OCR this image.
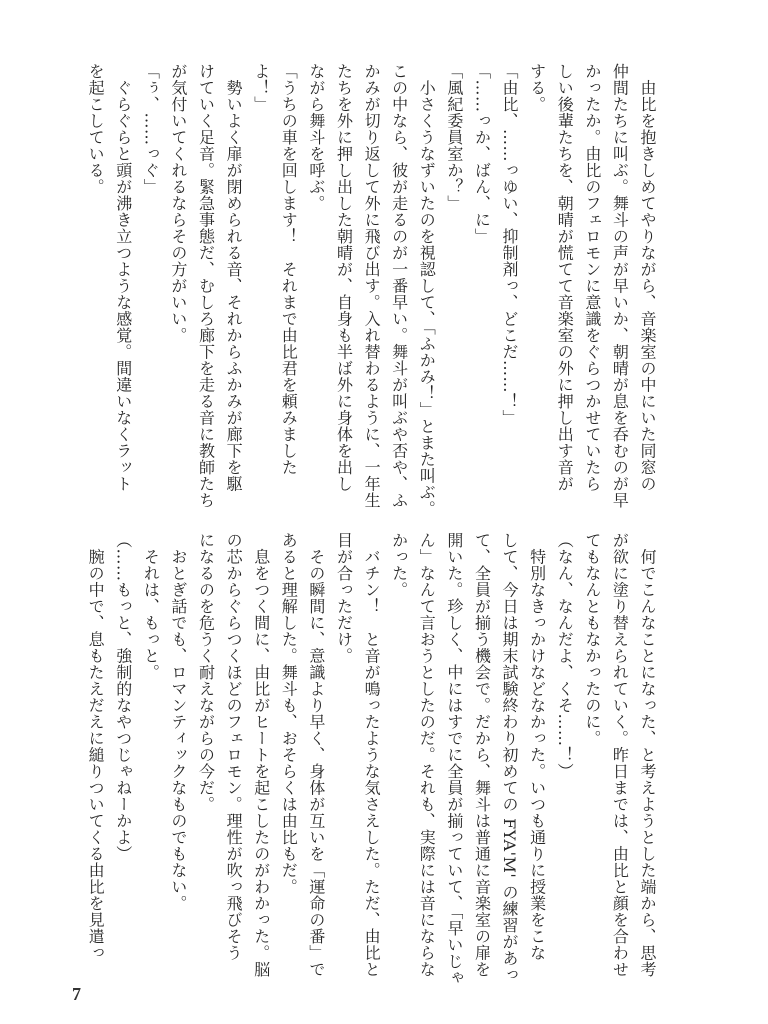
　由比を抱きしめてやりながら、音楽室の中にいた同窓の
仲間たちに叫ぶ。舞斗の声が早いか、朝晴が息を呑むのが早
かったか。由比のフェロモンに意識をぐらつかせていたら
しい後輩たちを、朝晴が慌てて音楽室の外に押し出す音が
する。
「由比、……っゆい、抑制剤っ、どこだ……！」
「……っか、ばん、に」
「風紀委員室か？」
　小さくうなずいたのを視認して、「ふかみ！」とまた叫ぶ。
この中なら、彼が走るのが一番早い。舞斗が叫ぶや否や、ふ
かみが切り返して外に飛び出す。入れ替わるように、一年生
たちを外に押し出した朝晴が、自身も半ば外に身体を出し
ながら舞斗を呼ぶ。
「うちの車を回します！　それまで由比君を頼みました
よ！」
　勢いよく扉が閉められる音、それからふかみが廊下を駆
けていく足音。緊急事態だ、むしろ廊下を走る音に教師たち
が気付いてくれるならその方がいい。
「ぅ、……っぐ」
　ぐらぐらと頭が沸き立つような感覚。間違いなくラット
を起こしている。
　何でこんなことになった、と考えようとした端から、思考
が欲に塗り替えられていく。昨日までは、由比と顔を合わせ
てもなんともなかったのに。
（なん、なんだよ、くそ……！）
　特別なきっかけなどなかった。いつも通りに授業をこな
して、今日は期末試験終わり初めての FYA'M' の練習があっ
て、全員が揃う機会で。だから、舞斗は普通に音楽室の扉を
開いた。珍しく、中にはすでに全員が揃っていて、「早いじゃ
ん」なんて言おうとしたのだ。それも、実際には音にならな
かった。
　バチン！　と音が鳴ったような気さえした。ただ、由比と
目が合っただけ。
　その瞬間に、意識より早く、身体が互いを「運命の番」で
あると理解した。舞斗も、おそらくは由比もだ。
　息をつく間に、由比がヒートを起こしたのがわかった。脳
の芯からぐらつくほどのフェロモン。理性が吹っ飛びそう
になるのを危うく耐えながらの今だ。
　おとぎ話でも、ロマンティックなものでもない。
　それは、もっと。
（……もっと、強制的なやつじゃねーかよ）
　腕の中で、息もたえだえに縋りついてくる由比を見遣っ
7
